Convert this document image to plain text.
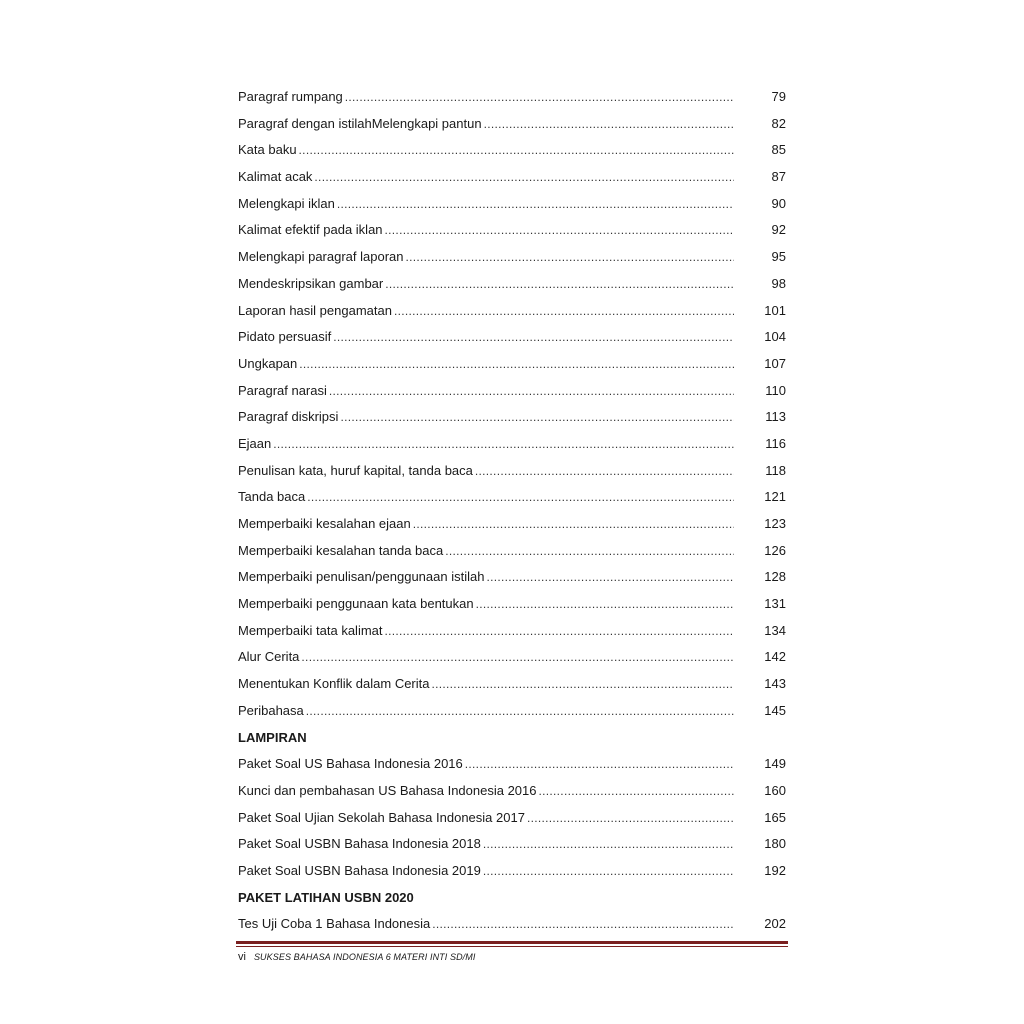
Paragraf rumpang .....	79
Paragraf dengan istilahMelengkapi pantun .....	82
Kata baku .....	85
Kalimat acak .....	87
Melengkapi iklan .....	90
Kalimat efektif pada iklan .....	92
Melengkapi paragraf laporan .....	95
Mendeskripsikan gambar .....	98
Laporan hasil pengamatan .....	101
Pidato persuasif .....	104
Ungkapan .....	107
Paragraf narasi .....	110
Paragraf diskripsi .....	113
Ejaan .....	116
Penulisan kata, huruf kapital, tanda baca .....	118
Tanda baca .....	121
Memperbaiki kesalahan ejaan .....	123
Memperbaiki kesalahan tanda baca .....	126
Memperbaiki penulisan/penggunaan istilah .....	128
Memperbaiki penggunaan kata bentukan .....	131
Memperbaiki tata kalimat .....	134
Alur Cerita .....	142
Menentukan Konflik dalam Cerita .....	143
Peribahasa .....	145
LAMPIRAN
Paket Soal US Bahasa Indonesia 2016 .....	149
Kunci dan pembahasan US Bahasa Indonesia 2016 .....	160
Paket Soal Ujian Sekolah Bahasa Indonesia 2017 .....	165
Paket Soal USBN Bahasa Indonesia 2018 .....	180
Paket Soal USBN Bahasa Indonesia 2019 .....	192
PAKET LATIHAN USBN 2020
Tes Uji Coba 1 Bahasa Indonesia .....	202
vi SUKSES BAHASA INDONESIA 6 MATERI INTI SD/MI
